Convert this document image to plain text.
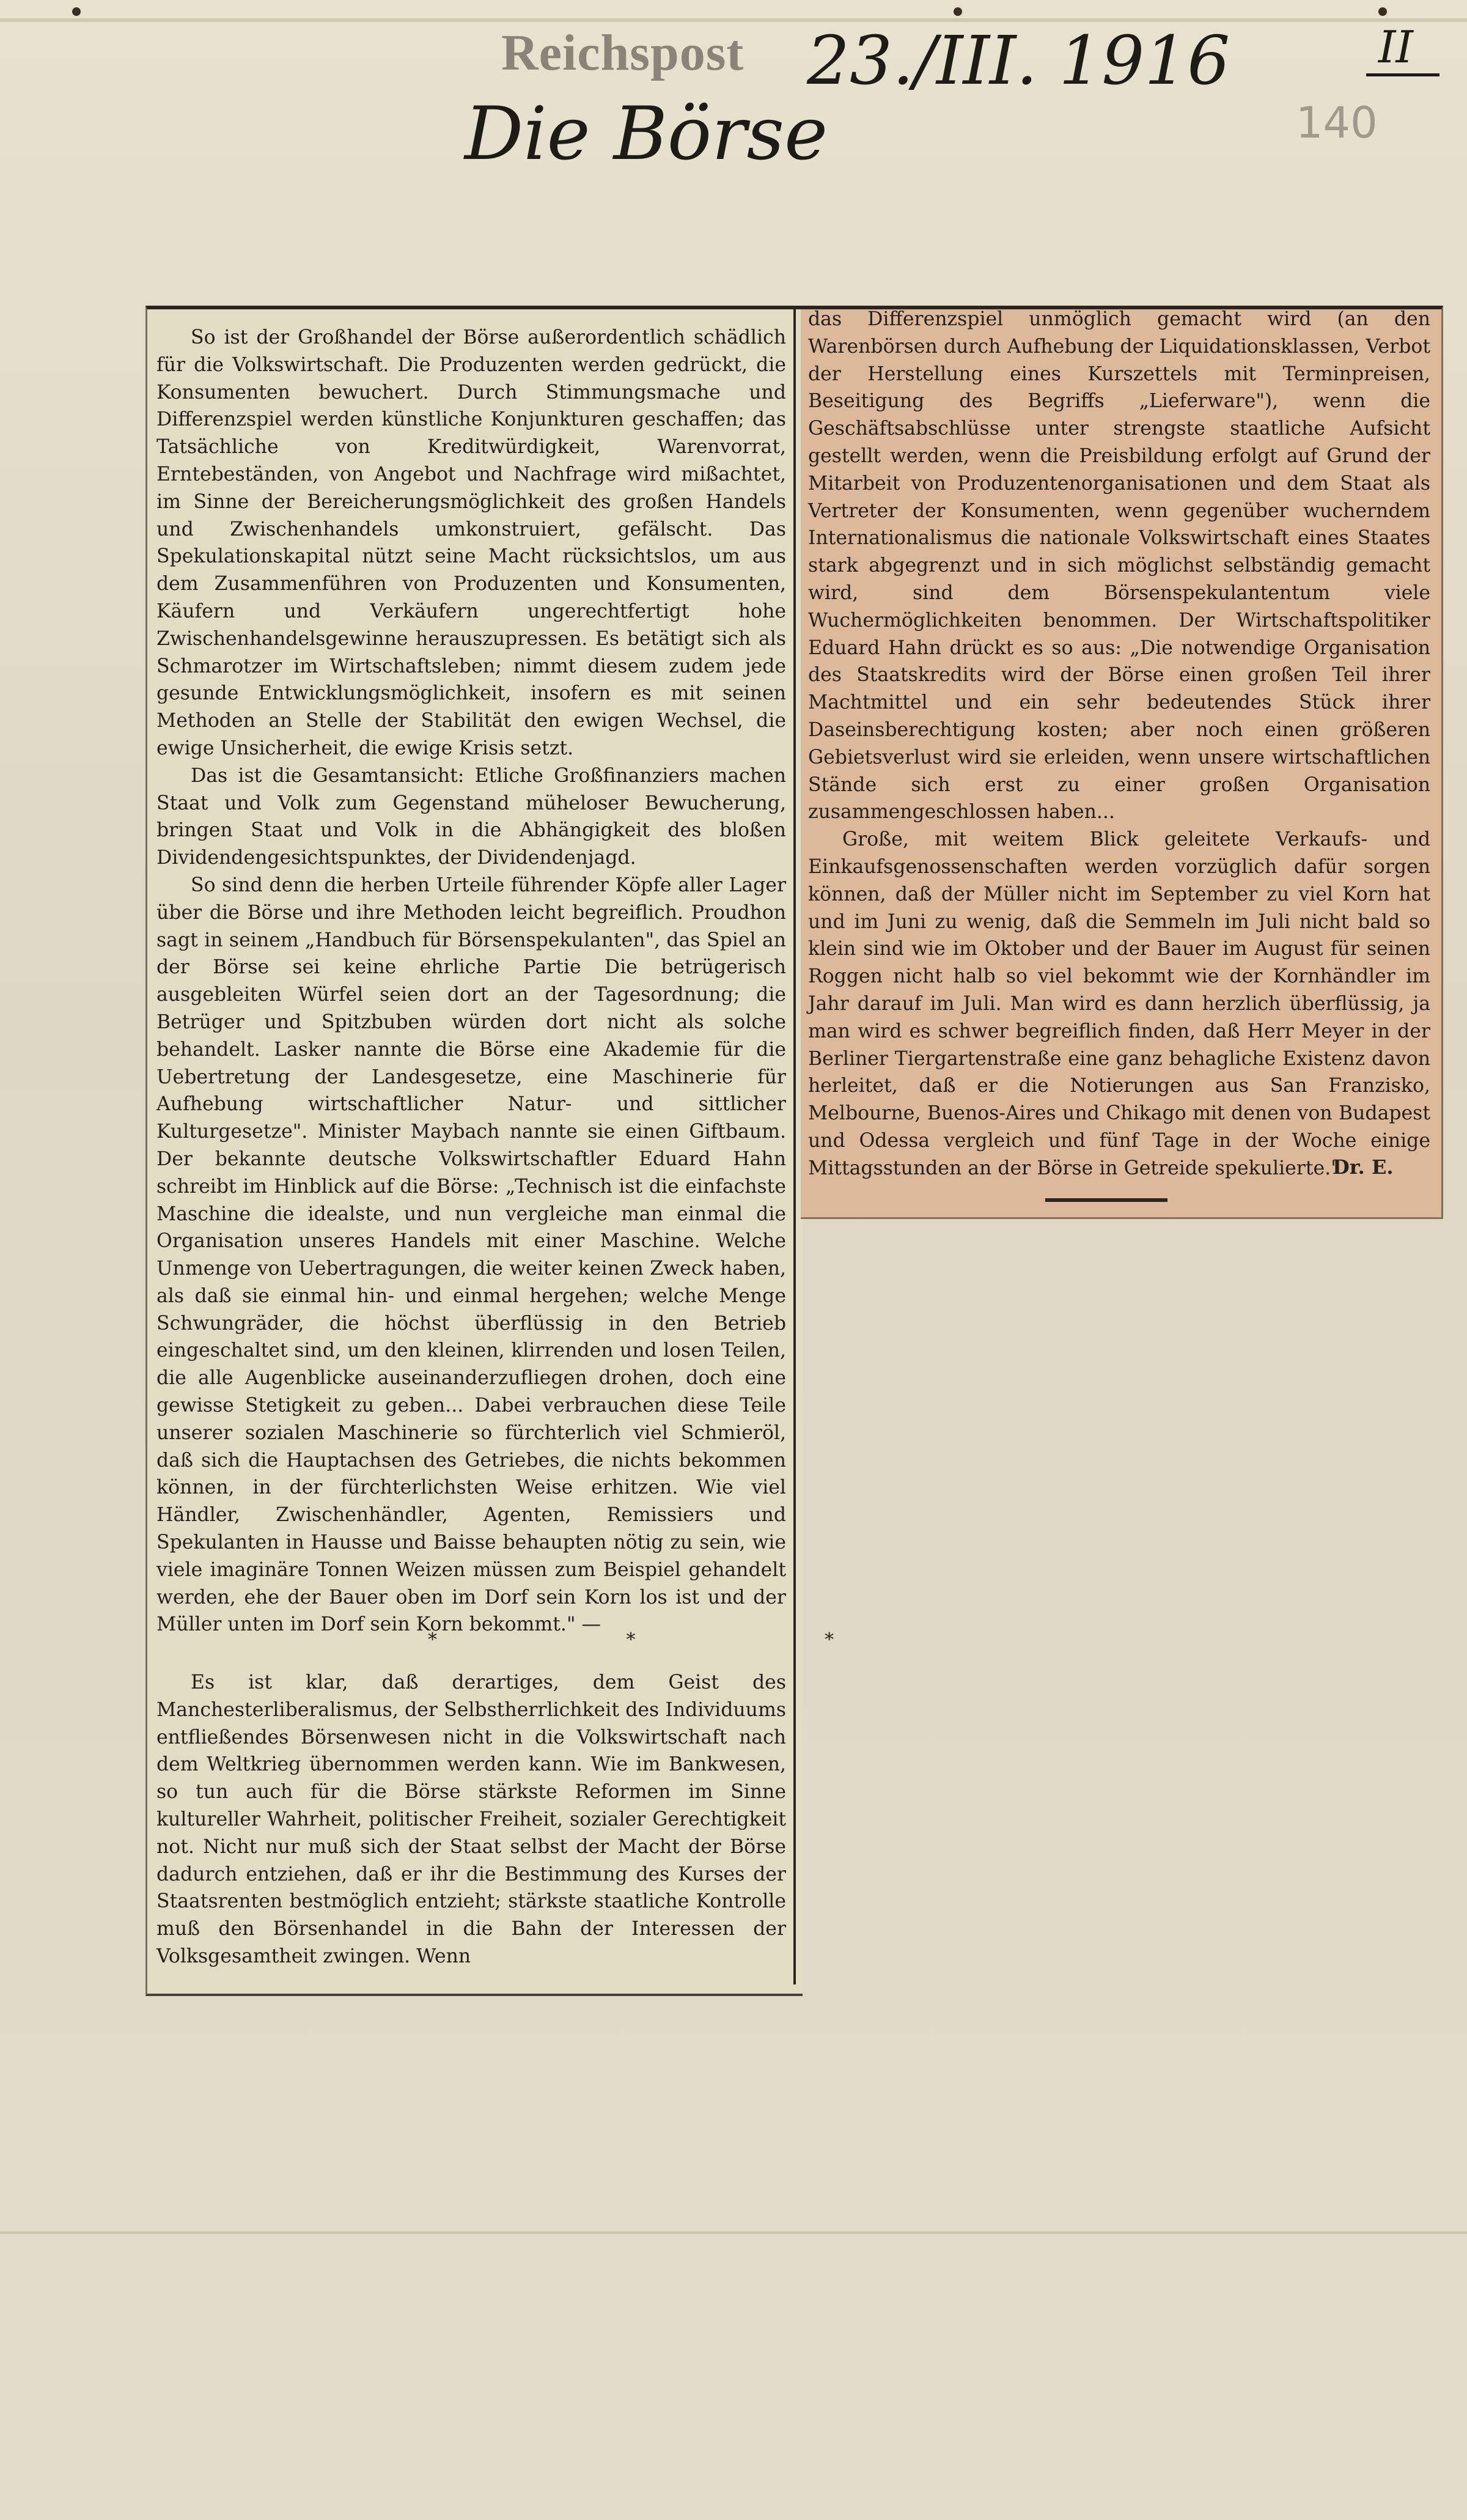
Reichspost 23./III. 1916	II
Die Börse	140

So ist der Großhandel der Börse außerordentlich schädlich für die Volkswirtschaft. Die Produzenten werden gedrückt, die Konsumenten bewuchert. Durch Stimmungsmache und Differenzspiel werden künstliche Konjunkturen geschaffen; das Tatsächliche von Kreditwürdigkeit, Warenvorrat, Erntebeständen, von Angebot und Nachfrage wird mißachtet, im Sinne der Bereicherungsmöglichkeit des großen Handels und Zwischenhandels umkonstruiert, gefälscht. Das Spekulationskapital nützt seine Macht rücksichtslos, um aus dem Zusammenführen von Produzenten und Konsumenten, Käufern und Verkäufern ungerechtfertigt hohe Zwischenhandelsgewinne herauszupressen. Es betätigt sich als Schmarotzer im Wirtschaftsleben; nimmt diesem zudem jede gesunde Entwicklungsmöglichkeit, insofern es mit seinen Methoden an Stelle der Stabilität den ewigen Wechsel, die ewige Unsicherheit, die ewige Krisis setzt.

Das ist die Gesamtansicht: Etliche Großfinanziers machen Staat und Volk zum Gegenstand müheloser Bewucherung, bringen Staat und Volk in die Abhängigkeit des bloßen Dividendengesichtspunktes, der Dividendenjagd.

So sind denn die herben Urteile führender Köpfe aller Lager über die Börse und ihre Methoden leicht begreiflich. Proudhon sagt in seinem „Handbuch für Börsenspekulanten", das Spiel an der Börse sei keine ehrliche Partie Die betrügerisch ausgebleiten Würfel seien dort an der Tagesordnung; die Betrüger und Spitzbuben würden dort nicht als solche behandelt. Lasker nannte die Börse eine Akademie für die Uebertretung der Landesgesetze, eine Maschinerie für Aufhebung wirtschaftlicher Natur- und sittlicher Kulturgesetze". Minister Maybach nannte sie einen Giftbaum. Der bekannte deutsche Volkswirtschaftler Eduard Hahn schreibt im Hinblick auf die Börse: „Technisch ist die einfachste Maschine die idealste, und nun vergleiche man einmal die Organisation unseres Handels mit einer Maschine. Welche Unmenge von Uebertragungen, die weiter keinen Zweck haben, als daß sie einmal hin- und einmal hergehen; welche Menge Schwungräder, die höchst überflüssig in den Betrieb eingeschaltet sind, um den kleinen, klirrenden und losen Teilen, die alle Augenblicke auseinanderzufliegen drohen, doch eine gewisse Stetigkeit zu geben... Dabei verbrauchen diese Teile unserer sozialen Maschinerie so fürchterlich viel Schmieröl, daß sich die Hauptachsen des Getriebes, die nichts bekommen können, in der fürchterlichsten Weise erhitzen. Wie viel Händler, Zwischenhändler, Agenten, Remissiers und Spekulanten in Hausse und Baisse behaupten nötig zu sein, wie viele imaginäre Tonnen Weizen müssen zum Beispiel gehandelt werden, ehe der Bauer oben im Dorf sein Korn los ist und der Müller unten im Dorf sein Korn bekommt." —

* * *

Es ist klar, daß derartiges, dem Geist des Manchesterliberalismus, der Selbstherrlichkeit des Individuums entfließendes Börsenwesen nicht in die Volkswirtschaft nach dem Weltkrieg übernommen werden kann. Wie im Bankwesen, so tun auch für die Börse stärkste Reformen im Sinne kultureller Wahrheit, politischer Freiheit, sozialer Gerechtigkeit not. Nicht nur muß sich der Staat selbst der Macht der Börse dadurch entziehen, daß er ihr die Bestimmung des Kurses der Staatsrenten bestmöglich entzieht; stärkste staatliche Kontrolle muß den Börsenhandel in die Bahn der Interessen der Volksgesamtheit zwingen. Wenn

das Differenzspiel unmöglich gemacht wird (an den Warenbörsen durch Aufhebung der Liquidationsklassen, Verbot der Herstellung eines Kurszettels mit Terminpreisen, Beseitigung des Begriffs „Lieferware"), wenn die Geschäftsabschlüsse unter strengste staatliche Aufsicht gestellt werden, wenn die Preisbildung erfolgt auf Grund der Mitarbeit von Produzentenorganisationen und dem Staat als Vertreter der Konsumenten, wenn gegenüber wucherndem Internationalismus die nationale Volkswirtschaft eines Staates stark abgegrenzt und in sich möglichst selbständig gemacht wird, sind dem Börsenspekulantentum viele Wuchermöglichkeiten benommen. Der Wirtschaftspolitiker Eduard Hahn drückt es so aus: „Die notwendige Organisation des Staatskredits wird der Börse einen großen Teil ihrer Machtmittel und ein sehr bedeutendes Stück ihrer Daseinsberechtigung kosten; aber noch einen größeren Gebietsverlust wird sie erleiden, wenn unsere wirtschaftlichen Stände sich erst zu einer großen Organisation zusammengeschlossen haben...

Große, mit weitem Blick geleitete Verkaufs- und Einkaufsgenossenschaften werden vorzüglich dafür sorgen können, daß der Müller nicht im September zu viel Korn hat und im Juni zu wenig, daß die Semmeln im Juli nicht bald so klein sind wie im Oktober und der Bauer im August für seinen Roggen nicht halb so viel bekommt wie der Kornhändler im Jahr darauf im Juli. Man wird es dann herzlich überflüssig, ja man wird es schwer begreiflich finden, daß Herr Meyer in der Berliner Tiergartenstraße eine ganz behagliche Existenz davon herleitet, daß er die Notierungen aus San Franzisko, Melbourne, Buenos-Aires und Chikago mit denen von Budapest und Odessa vergleich und fünf Tage in der Woche einige Mittagsstunden an der Börse in Getreide spekulierte."

Dr. E.
